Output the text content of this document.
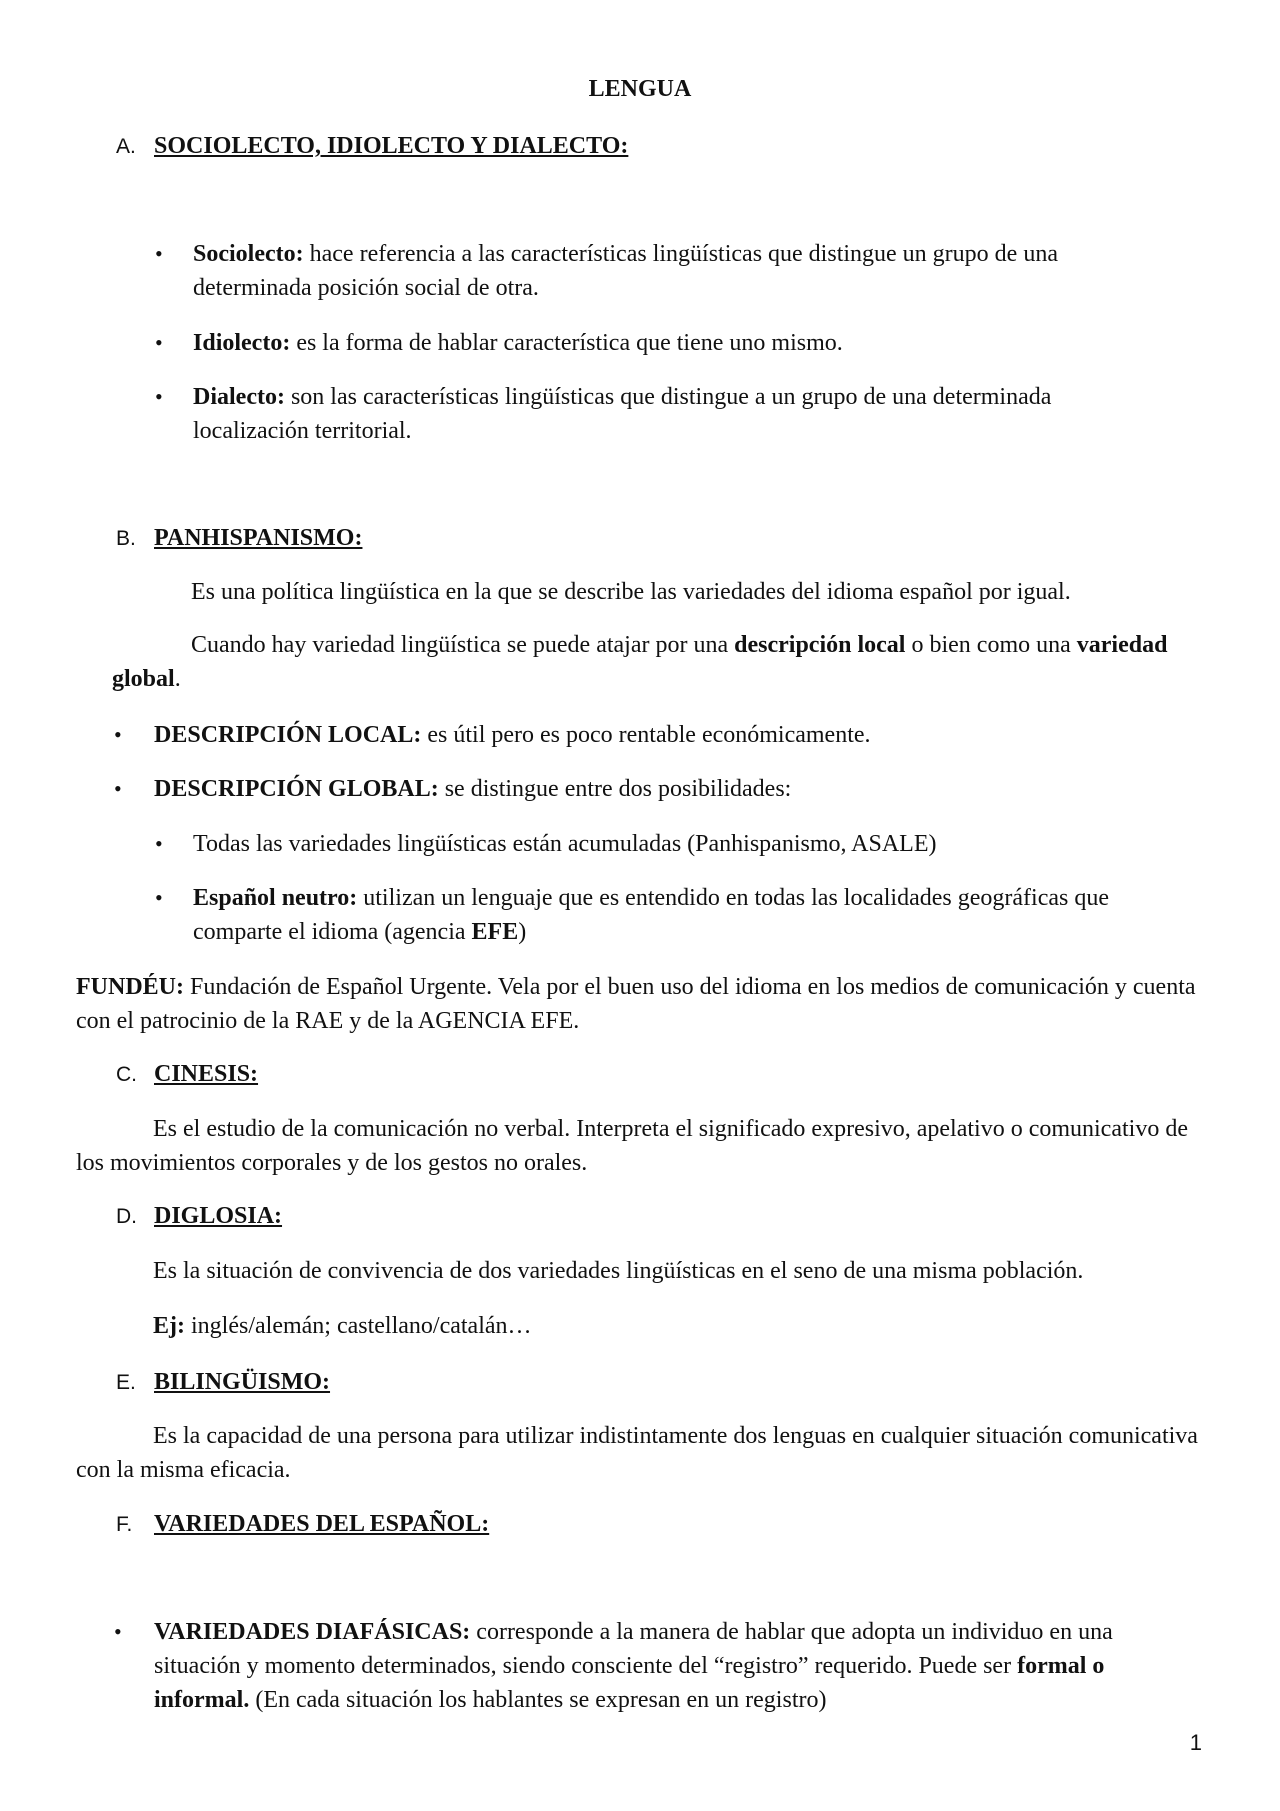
LENGUA
A. SOCIOLECTO, IDIOLECTO Y DIALECTO:
• Sociolecto: hace referencia a las características lingüísticas que distingue un grupo de una determinada posición social de otra.
• Idiolecto: es la forma de hablar característica que tiene uno mismo.
• Dialecto: son las características lingüísticas que distingue a un grupo de una determinada localización territorial.
B. PANHISPANISMO:
Es una política lingüística en la que se describe las variedades del idioma español por igual.
Cuando hay variedad lingüística se puede atajar por una descripción local o bien como una variedad global.
• DESCRIPCIÓN LOCAL: es útil pero es poco rentable económicamente.
• DESCRIPCIÓN GLOBAL: se distingue entre dos posibilidades:
• Todas las variedades lingüísticas están acumuladas (Panhispanismo, ASALE)
• Español neutro: utilizan un lenguaje que es entendido en todas las localidades geográficas que comparte el idioma (agencia EFE)
FUNDÉU: Fundación de Español Urgente. Vela por el buen uso del idioma en los medios de comunicación y cuenta con el patrocinio de la RAE y de la AGENCIA EFE.
C. CINESIS:
Es el estudio de la comunicación no verbal. Interpreta el significado expresivo, apelativo o comunicativo de los movimientos corporales y de los gestos no orales.
D. DIGLOSIA:
Es la situación de convivencia de dos variedades lingüísticas en el seno de una misma población.
Ej: inglés/alemán; castellano/catalán…
E. BILINGÜISMO:
Es la capacidad de una persona para utilizar indistintamente dos lenguas en cualquier situación comunicativa con la misma eficacia.
F. VARIEDADES DEL ESPAÑOL:
• VARIEDADES DIAFÁSICAS: corresponde a la manera de hablar que adopta un individuo en una situación y momento determinados, siendo consciente del “registro” requerido. Puede ser formal o informal. (En cada situación los hablantes se expresan en un registro)
1
